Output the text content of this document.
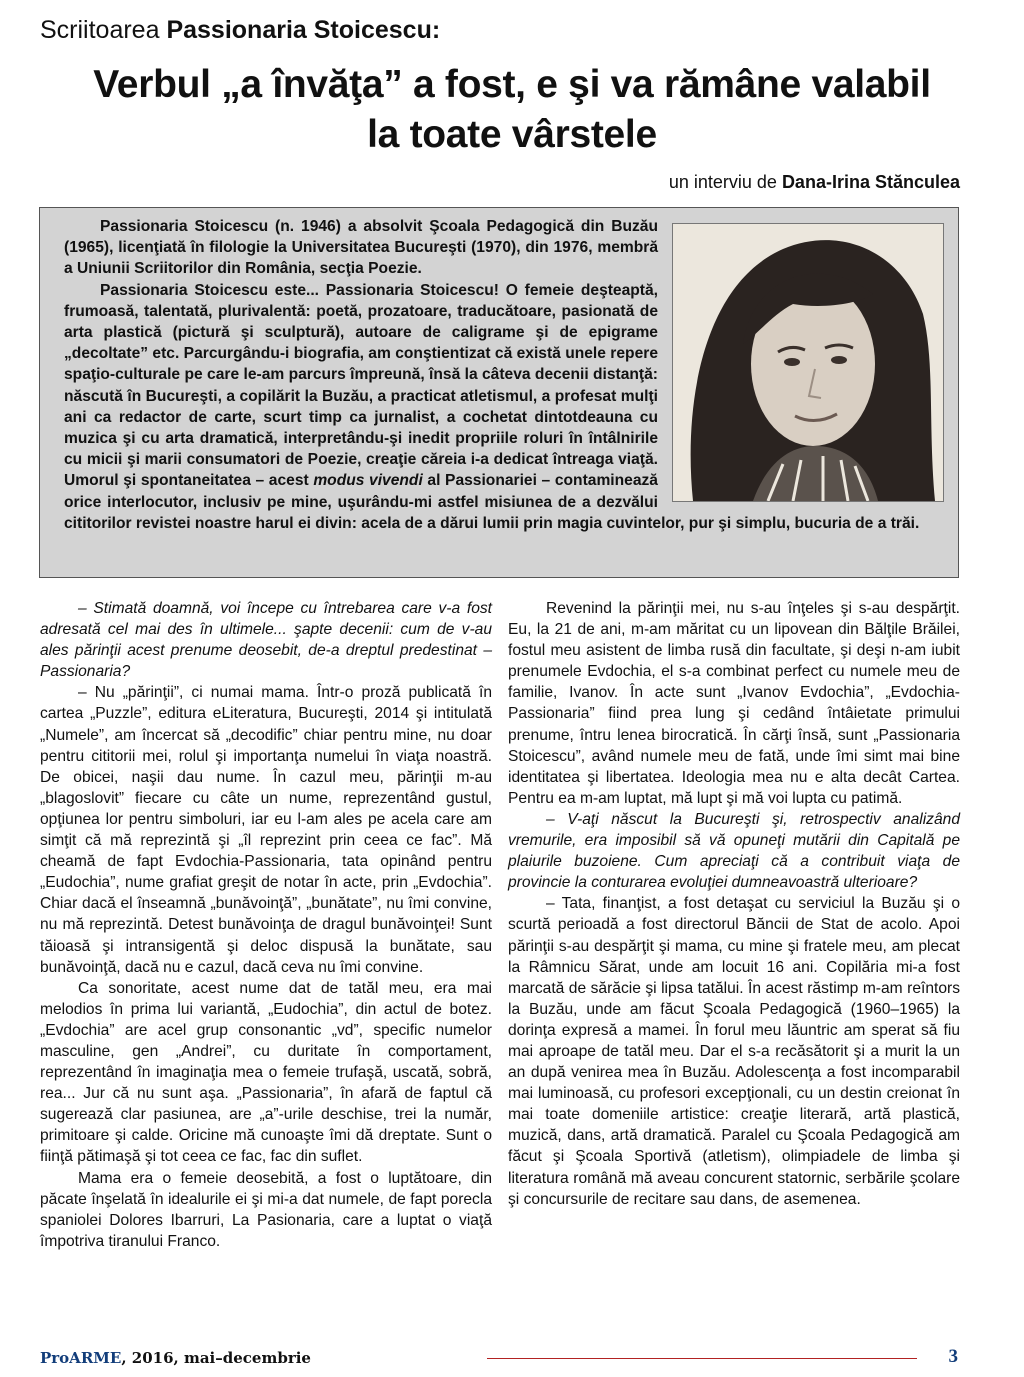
Scriitoarea Passionaria Stoicescu:
Verbul „a învăţa” a fost, e şi va rămâne valabil
la toate vârstele
un interviu de Dana-Irina Stănculea

Passionaria Stoicescu (n. 1946) a absolvit Şcoala Pedagogică din Buzău (1965), licenţiată în filologie la Universitatea Bucureşti (1970), din 1976, membră a Uniunii Scriitorilor din România, secţia Poezie.

Passionaria Stoicescu este... Passionaria Stoicescu! O femeie deşteaptă, frumoasă, talentată, plurivalentă: poetă, prozatoare, traducătoare, pasionată de arta plastică (pictură şi sculptură), autoare de caligrame şi de epigrame „decoltate” etc. Parcurgându-i biografia, am conştientizat că există unele repere spaţio-culturale pe care le-am parcurs împreună, însă la câteva decenii distanţă: născută în Bucureşti, a copilărit la Buzău, a practicat atletismul, a profesat mulţi ani ca redactor de carte, scurt timp ca jurnalist, a cochetat dintotdeauna cu muzica şi cu arta dramatică, interpretându-şi inedit propriile roluri în întâlnirile cu micii şi marii consumatori de Poezie, creaţie căreia i-a dedicat întreaga viaţă. Umorul şi spontaneitatea – acest modus vivendi al Passionariei – contaminează orice interlocutor, inclusiv pe mine, uşurându-mi astfel misiunea de a dezvălui cititorilor revistei noastre harul ei divin: acela de a dărui lumii prin magia cuvintelor, pur şi simplu, bucuria de a trăi.

– Stimată doamnă, voi începe cu întrebarea care v-a fost adresată cel mai des în ultimele... şapte decenii: cum de v-au ales părinţii acest prenume deosebit, de-a dreptul predestinat – Passionaria?

– Nu „părinţii”, ci numai mama. Într-o proză publicată în cartea „Puzzle”, editura eLiteratura, Bucureşti, 2014 şi intitulată „Numele”, am încercat să „decodific” chiar pentru mine, nu doar pentru cititorii mei, rolul şi importanţa numelui în viaţa noastră. De obicei, naşii dau nume. În cazul meu, părinţii m-au „blagoslovit” fiecare cu câte un nume, reprezentând gustul, opţiunea lor pentru simboluri, iar eu l-am ales pe acela care am simţit că mă reprezintă şi „îl reprezint prin ceea ce fac”. Mă cheamă de fapt Evdochia-Passionaria, tata opinând pentru „Eudochia”, nume grafiat greşit de notar în acte, prin „Evdochia”. Chiar dacă el înseamnă „bunăvoinţă”, „bunătate”, nu îmi convine, nu mă reprezintă. Detest bunăvoinţa de dragul bunăvoinţei! Sunt tăioasă şi intransigentă şi deloc dispusă la bunătate, sau bunăvoinţă, dacă nu e cazul, dacă ceva nu îmi convine.

Ca sonoritate, acest nume dat de tatăl meu, era mai melodios în prima lui variantă, „Eudochia”, din actul de botez. „Evdochia” are acel grup consonantic „vd”, specific numelor masculine, gen „Andrei”, cu duritate în comportament, reprezentând în imaginaţia mea o femeie trufaşă, uscată, sobră, rea... Jur că nu sunt aşa. „Passionaria”, în afară de faptul că sugerează clar pasiunea, are „a”-urile deschise, trei la număr, primitoare şi calde. Oricine mă cunoaşte îmi dă dreptate. Sunt o fiinţă pătimaşă şi tot ceea ce fac, fac din suflet.

Mama era o femeie deosebită, a fost o luptătoare, din păcate înşelată în idealurile ei şi mi-a dat numele, de fapt porecla spaniolei Dolores Ibarruri, La Pasionaria, care a luptat o viaţă împotriva tiranului Franco.

Revenind la părinţii mei, nu s-au înţeles şi s-au despărţit. Eu, la 21 de ani, m-am măritat cu un lipovean din Bălţile Brăilei, fostul meu asistent de limba rusă din facultate, şi deşi n-am iubit prenumele Evdochia, el s-a combinat perfect cu numele meu de familie, Ivanov. În acte sunt „Ivanov Evdochia”, „Evdochia-Passionaria” fiind prea lung şi cedând întâietate primului prenume, întru lenea birocratică. În cărţi însă, sunt „Passionaria Stoicescu”, având numele meu de fată, unde îmi simt mai bine identitatea şi libertatea. Ideologia mea nu e alta decât Cartea. Pentru ea m-am luptat, mă lupt şi mă voi lupta cu patimă.

– V-aţi născut la Bucureşti şi, retrospectiv analizând vremurile, era imposibil să vă opuneţi mutării din Capitală pe plaiurile buzoiene. Cum apreciaţi că a contribuit viaţa de provincie la conturarea evoluţiei dumneavoastră ulterioare?

– Tata, finanţist, a fost detaşat cu serviciul la Buzău şi o scurtă perioadă a fost directorul Băncii de Stat de acolo. Apoi părinţii s-au despărţit şi mama, cu mine şi fratele meu, am plecat la Râmnicu Sărat, unde am locuit 16 ani. Copilăria mi-a fost marcată de sărăcie şi lipsa tatălui. În acest răstimp m-am reîntors la Buzău, unde am făcut Şcoala Pedagogică (1960–1965) la dorinţa expresă a mamei. În forul meu lăuntric am sperat să fiu mai aproape de tatăl meu. Dar el s-a recăsătorit şi a murit la un an după venirea mea în Buzău. Adolescenţa a fost incomparabil mai luminoasă, cu profesori excepţionali, cu un destin creionat în mai toate domeniile artistice: creaţie literară, artă plastică, muzică, dans, artă dramatică. Paralel cu Şcoala Pedagogică am făcut şi Şcoala Sportivă (atletism), olimpiadele de limba şi literatura română mă aveau concurent statornic, serbările şcolare şi concursurile de recitare sau dans, de asemenea.

ProARME, 2016, mai–decembrie	3
